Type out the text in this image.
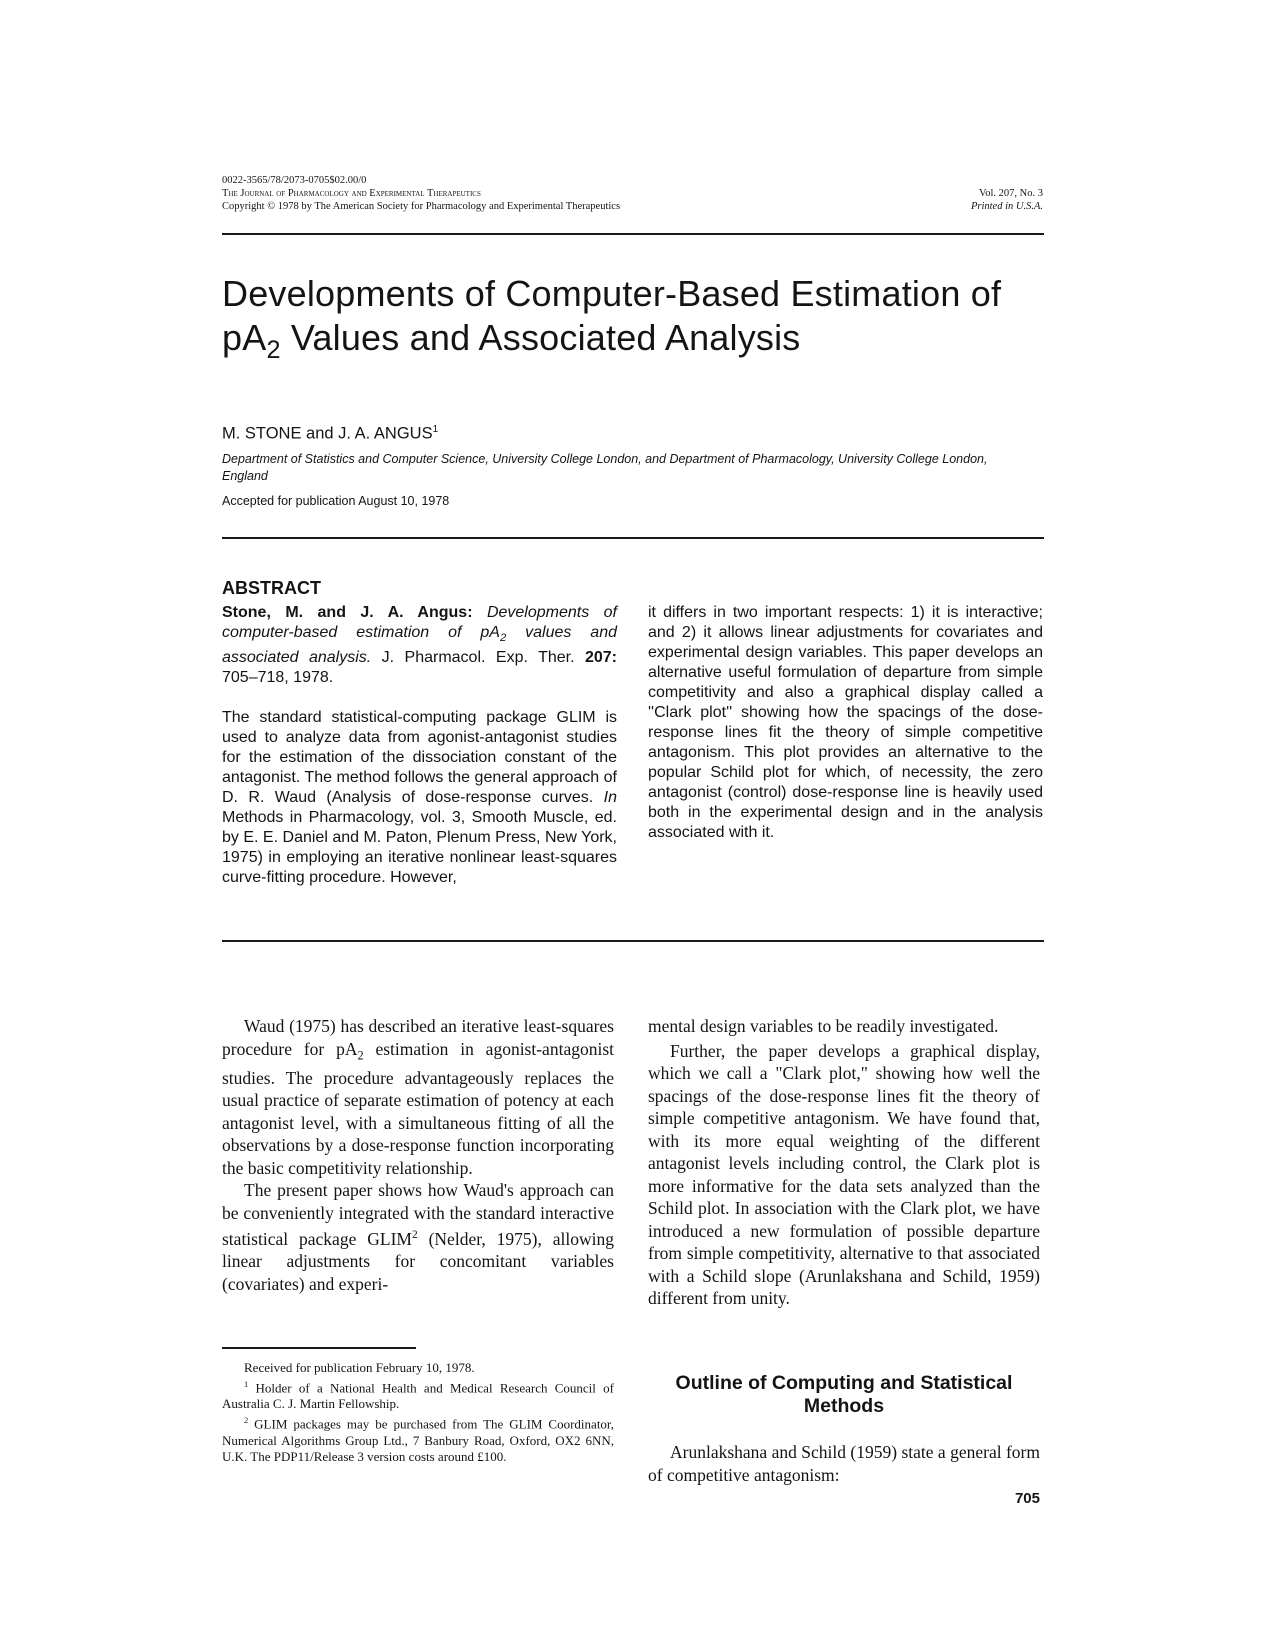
0022-3565/78/2073-0705$02.00/0
The Journal of Pharmacology and Experimental Therapeutics
Copyright © 1978 by The American Society for Pharmacology and Experimental Therapeutics
Vol. 207, No. 3
Printed in U.S.A.
Developments of Computer-Based Estimation of
$pA_2$ Values and Associated Analysis
M. STONE and J. A. ANGUS$^1$
Department of Statistics and Computer Science, University College London, and Department of Pharmacology, University College London, England
Accepted for publication August 10, 1978
ABSTRACT

Stone, M. and J. A. Angus: Developments of computer-based estimation of $pA_2$ values and associated analysis. J. Pharmacol. Exp. Ther. 207: 705–718, 1978.

The standard statistical-computing package GLIM is used to analyze data from agonist-antagonist studies for the estimation of the dissociation constant of the antagonist. The method follows the general approach of D. R. Waud (Analysis of dose-response curves. In Methods in Pharmacology, vol. 3, Smooth Muscle, ed. by E. E. Daniel and M. Paton, Plenum Press, New York, 1975) in employing an iterative nonlinear least-squares curve-fitting procedure. However,

it differs in two important respects: 1) it is interactive; and 2) it allows linear adjustments for covariates and experimental design variables. This paper develops an alternative useful formulation of departure from simple competitivity and also a graphical display called a ''Clark plot'' showing how the spacings of the dose-response lines fit the theory of simple competitive antagonism. This plot provides an alternative to the popular Schild plot for which, of necessity, the zero antagonist (control) dose-response line is heavily used both in the experimental design and in the analysis associated with it.

Waud (1975) has described an iterative least-squares procedure for $pA_2$ estimation in agonist-antagonist studies. The procedure advantageously replaces the usual practice of separate estimation of potency at each antagonist level, with a simultaneous fitting of all the observations by a dose-response function incorporating the basic competitivity relationship.

The present paper shows how Waud's approach can be conveniently integrated with the standard interactive statistical package GLIM$^2$ (Nelder, 1975), allowing linear adjustments for concomitant variables (covariates) and experi-

Received for publication February 10, 1978.

$^1$ Holder of a National Health and Medical Research Council of Australia C. J. Martin Fellowship.

$^2$ GLIM packages may be purchased from The GLIM Coordinator, Numerical Algorithms Group Ltd., 7 Banbury Road, Oxford, OX2 6NN, U.K. The PDP11/Release 3 version costs around £100.

mental design variables to be readily investigated.

Further, the paper develops a graphical display, which we call a "Clark plot," showing how well the spacings of the dose-response lines fit the theory of simple competitive antagonism. We have found that, with its more equal weighting of the different antagonist levels including control, the Clark plot is more informative for the data sets analyzed than the Schild plot. In association with the Clark plot, we have introduced a new formulation of possible departure from simple competitivity, alternative to that associated with a Schild slope (Arunlakshana and Schild, 1959) different from unity.

Outline of Computing and Statistical Methods

Arunlakshana and Schild (1959) state a general form of competitive antagonism:

705
